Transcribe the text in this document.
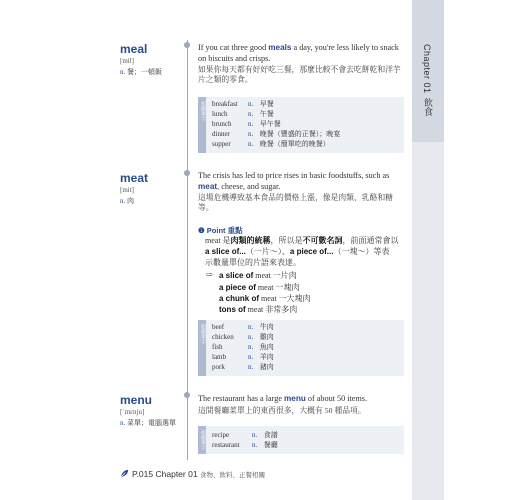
Chapter 01
飲食
meal
[mil]
n. 餐；一頓飯
If you cat three good meals a day, you're less likely to snack on biscuits and crisps.
如果你每天都有好好吃三餐，那麼比較不會去吃餅乾和洋芋片之類的零食。
相關單字 breakfast n. 早餐
lunch	n. 午餐
brunch n. 早午餐
dinner	n. 晚餐（豐盛的正餐）；晚宴
supper n. 晚餐（簡單吃的晚餐）
meat
[mit]
n. 肉
The crisis has led to price rises in basic foodstuffs, such as meat, cheese, and sugar.
這場危機導致基本食品的價格上漲，像是肉類、乳酪和糖等。
❶ Point 重點
meat 是肉類的統稱，所以是不可數名詞，前面通常會以
a slice of...（一片～）、a piece of...（一塊～）等表
示數量單位的片語來表達。
⇨ a slice of meat 一片肉
a piece of meat 一塊肉
a chunk of meat 一大塊肉
tons of meat 非常多肉
相關單字 beef	n. 牛肉
chicken n. 雞肉
fish	n. 魚肉
lamb	n. 羊肉
pork	n. 豬肉
menu
[ˈmɛnju]
n. 菜單；電腦選單
The restaurant has a large menu of about 50 items.
這間餐廳菜單上的東西很多，大概有 50 種品項。
相關單字 recipe	n. 食譜
restaurant n. 餐廳
P.015 Chapter 01 食物、飲料、正餐相關
